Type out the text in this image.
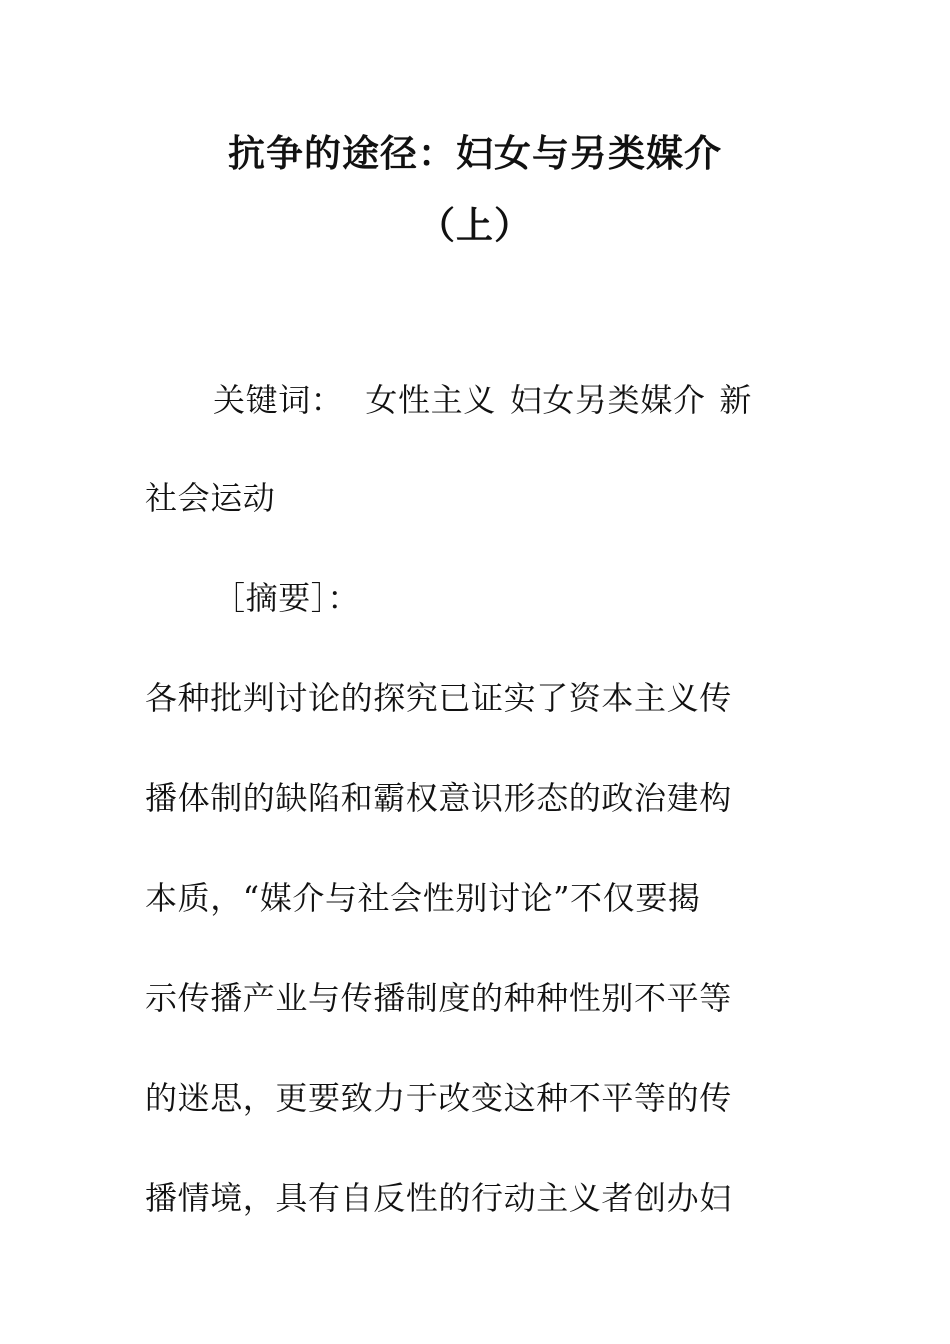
抗争的途径：妇女与另类媒介
（上）
关键词： 女性主义 妇女另类媒介 新
社会运动
［摘要］：
各种批判讨论的探究已证实了资本主义传
播体制的缺陷和霸权意识形态的政治建构
本质，“媒介与社会性别讨论”不仅要揭
示传播产业与传播制度的种种性别不平等
的迷思，更要致力于改变这种不平等的传
播情境，具有自反性的行动主义者创办妇
